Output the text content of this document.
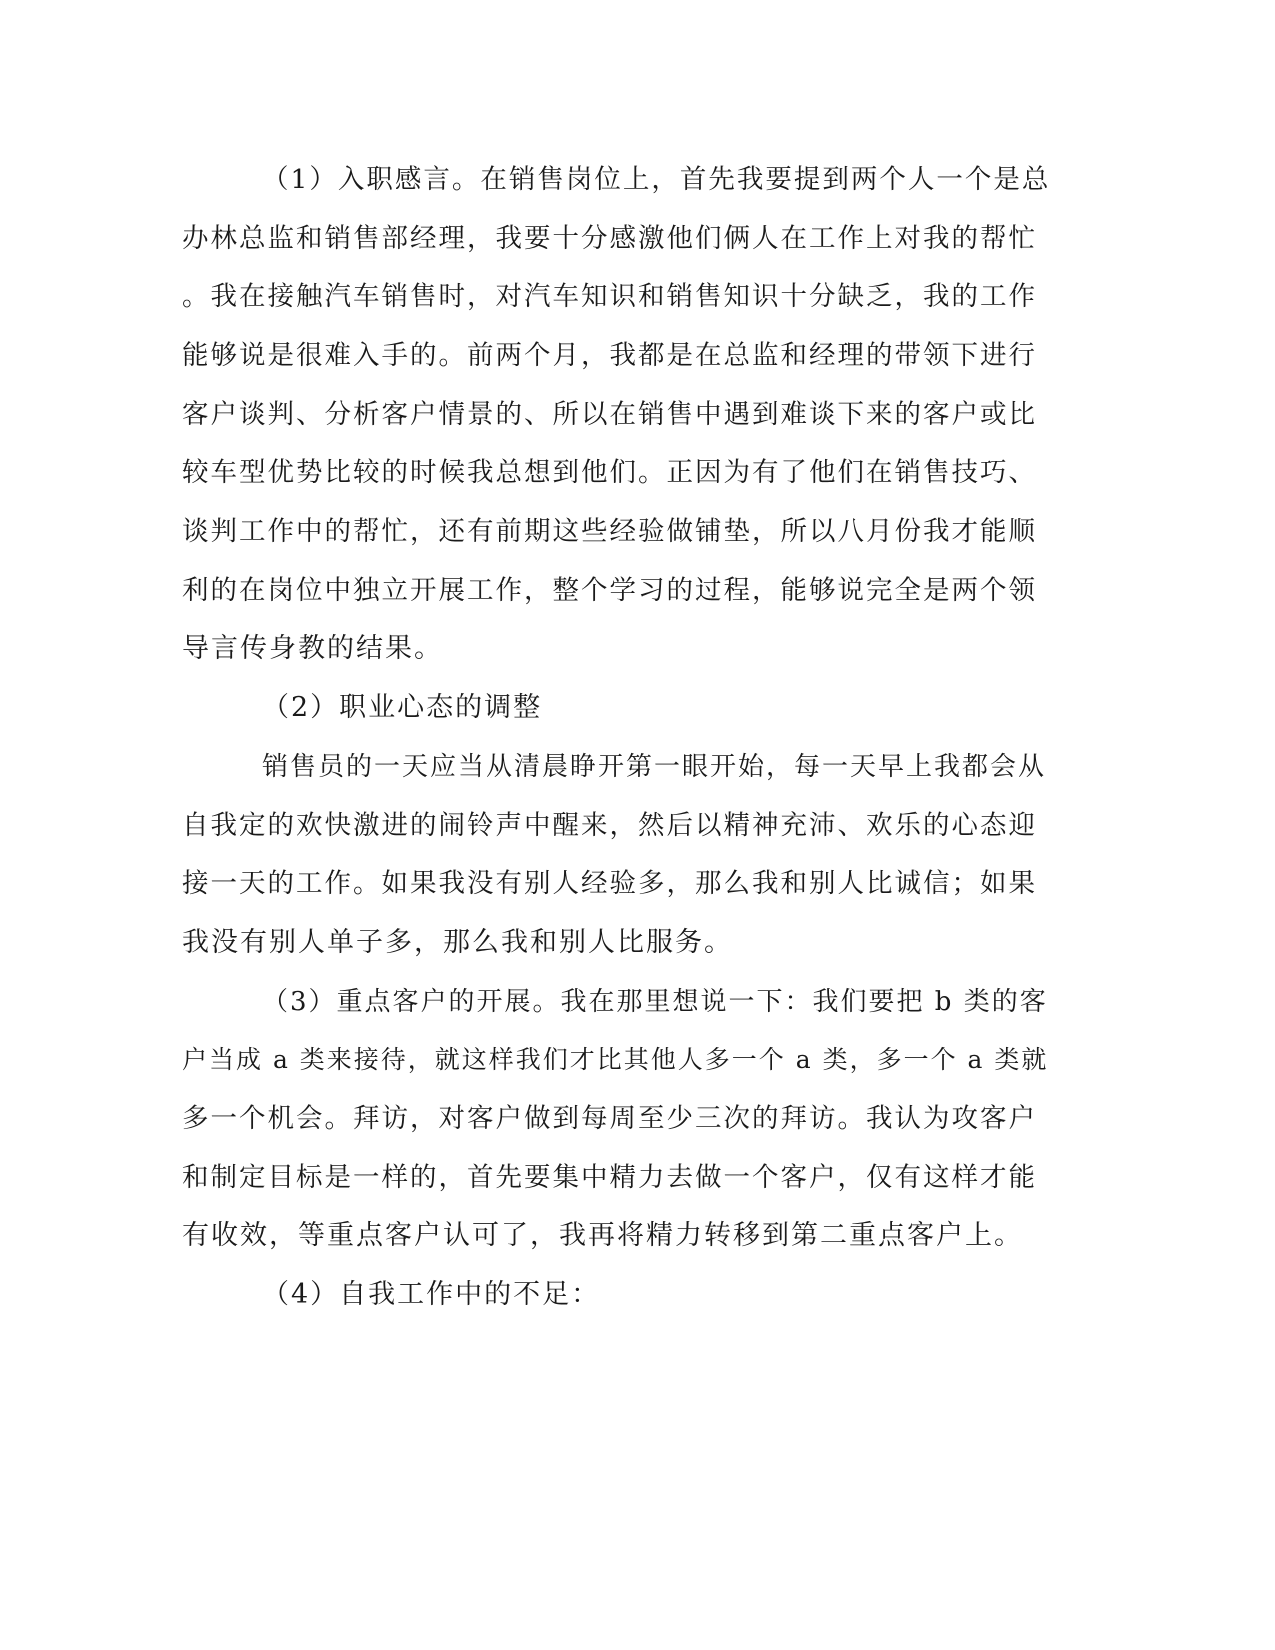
（1）入职感言。在销售岗位上，首先我要提到两个人一个是总

办林总监和销售部经理，我要十分感激他们俩人在工作上对我的帮忙

。我在接触汽车销售时，对汽车知识和销售知识十分缺乏，我的工作

能够说是很难入手的。前两个月，我都是在总监和经理的带领下进行

客户谈判、分析客户情景的、所以在销售中遇到难谈下来的客户或比

较车型优势比较的时候我总想到他们。正因为有了他们在销售技巧、

谈判工作中的帮忙，还有前期这些经验做铺垫，所以八月份我才能顺

利的在岗位中独立开展工作，整个学习的过程，能够说完全是两个领

导言传身教的结果。

（2）职业心态的调整

销售员的一天应当从清晨睁开第一眼开始，每一天早上我都会从

自我定的欢快激进的闹铃声中醒来，然后以精神充沛、欢乐的心态迎

接一天的工作。如果我没有别人经验多，那么我和别人比诚信；如果

我没有别人单子多，那么我和别人比服务。

（3）重点客户的开展。我在那里想说一下：我们要把 b 类的客

户当成 a 类来接待，就这样我们才比其他人多一个 a 类，多一个 a 类就

多一个机会。拜访，对客户做到每周至少三次的拜访。我认为攻客户

和制定目标是一样的，首先要集中精力去做一个客户，仅有这样才能

有收效，等重点客户认可了，我再将精力转移到第二重点客户上。

（4）自我工作中的不足：
